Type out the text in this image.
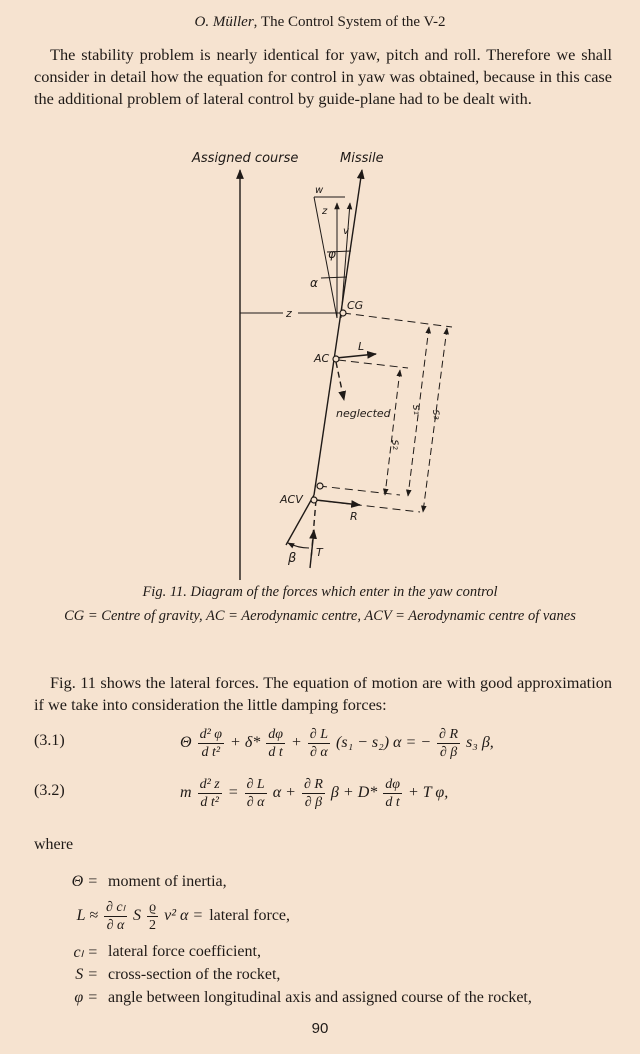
O. Müller, The Control System of the V-2
The stability problem is nearly identical for yaw, pitch and roll. Therefore we shall consider in detail how the equation for control in yaw was obtained, because in this case the additional problem of lateral control by guide-plane had to be dealt with.
Assigned course	Missile
w
z
v
φ
α
z
CG
AC
L
neglected
s₂
s₁ s₃
ACV
R
β T
Fig. 11. Diagram of the forces which enter in the yaw control
CG = Centre of gravity, AC = Aerodynamic centre, ACV = Aerodynamic centre of vanes
Fig. 11 shows the lateral forces. The equation of motion are with good approximation if we take into consideration the little damping forces:
(3.1)	Θ $\frac{\text{d² φ}}{\text{d t²}} + \delta* \frac{d\varphi}{\text{d t}} + \frac{\partial L}{\partial \alpha} (s_1 - s_2) \alpha$ = − $\frac{\partial R}{\partial \beta} s_3$ β,
(3.2)	m $\frac{\text{d² z}}{\text{d t²}} = \frac{\partial L}{\partial \alpha}$ $\alpha + \frac{\partial R}{\partial \beta}$ $\beta + D* \frac{d\varphi}{\text{d t}} + T$ φ,
where
Θ = moment of inertia,
$L \approx \frac{\text{∂ cₗ}}{\partial \alpha}$ S $\frac{ϱ}{2} v^2$ α = lateral force,
cₗ = lateral force coefficient,
S = cross-section of the rocket,
φ = angle between longitudinal axis and assigned course of the rocket,
90
